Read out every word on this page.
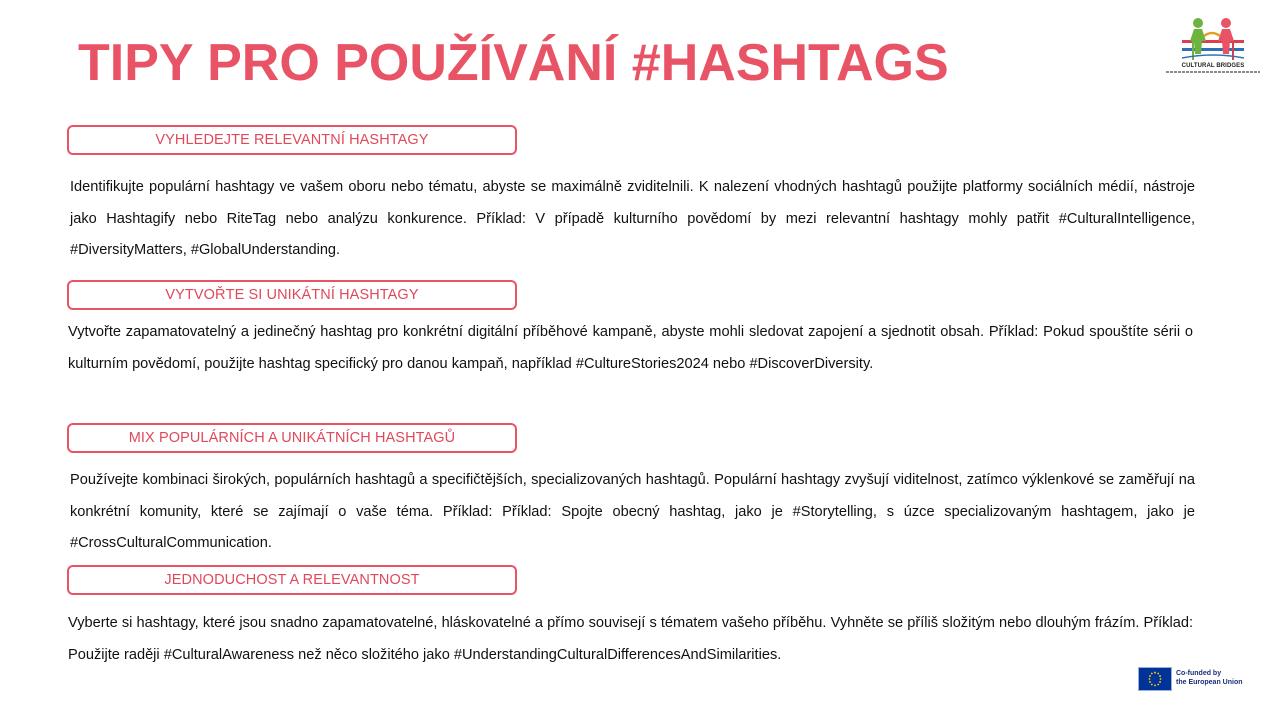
TIPY PRO POUŽÍVÁNÍ #HASHTAGS	CULTURAL BRIDGES
VYHLEDEJTE RELEVANTNÍ HASHTAGY

Identifikujte populární hashtagy ve vašem oboru nebo tématu, abyste se maximálně zviditelnili. K nalezení vhodných hashtagů použijte platformy sociálních médií, nástroje jako Hashtagify nebo RiteTag nebo analýzu konkurence. Příklad: V případě kulturního povědomí by mezi relevantní hashtagy mohly patřit #CulturalIntelligence, #DiversityMatters, #GlobalUnderstanding.

VYTVOŘTE SI UNIKÁTNÍ HASHTAGY

Vytvořte zapamatovatelný a jedinečný hashtag pro konkrétní digitální příběhové kampaně, abyste mohli sledovat zapojení a sjednotit obsah. Příklad: Pokud spouštíte sérii o kulturním povědomí, použijte hashtag specifický pro danou kampaň, například #CultureStories2024 nebo #DiscoverDiversity.

MIX POPULÁRNÍCH A UNIKÁTNÍCH HASHTAGŮ

Používejte kombinaci širokých, populárních hashtagů a specifičtějších, specializovaných hashtagů. Populární hashtagy zvyšují viditelnost, zatímco výklenkové se zaměřují na konkrétní komunity, které se zajímají o vaše téma. Příklad: Příklad: Spojte obecný hashtag, jako je #Storytelling, s úzce specializovaným hashtagem, jako je #CrossCulturalCommunication.

JEDNODUCHOST A RELEVANTNOST

Vyberte si hashtagy, které jsou snadno zapamatovatelné, hláskovatelné a přímo souvisejí s tématem vašeho příběhu. Vyhněte se příliš složitým nebo dlouhým frázím. Příklad: Použijte raději #CulturalAwareness než něco složitého jako #UnderstandingCulturalDifferencesAndSimilarities.

Co-funded by
the European Union
